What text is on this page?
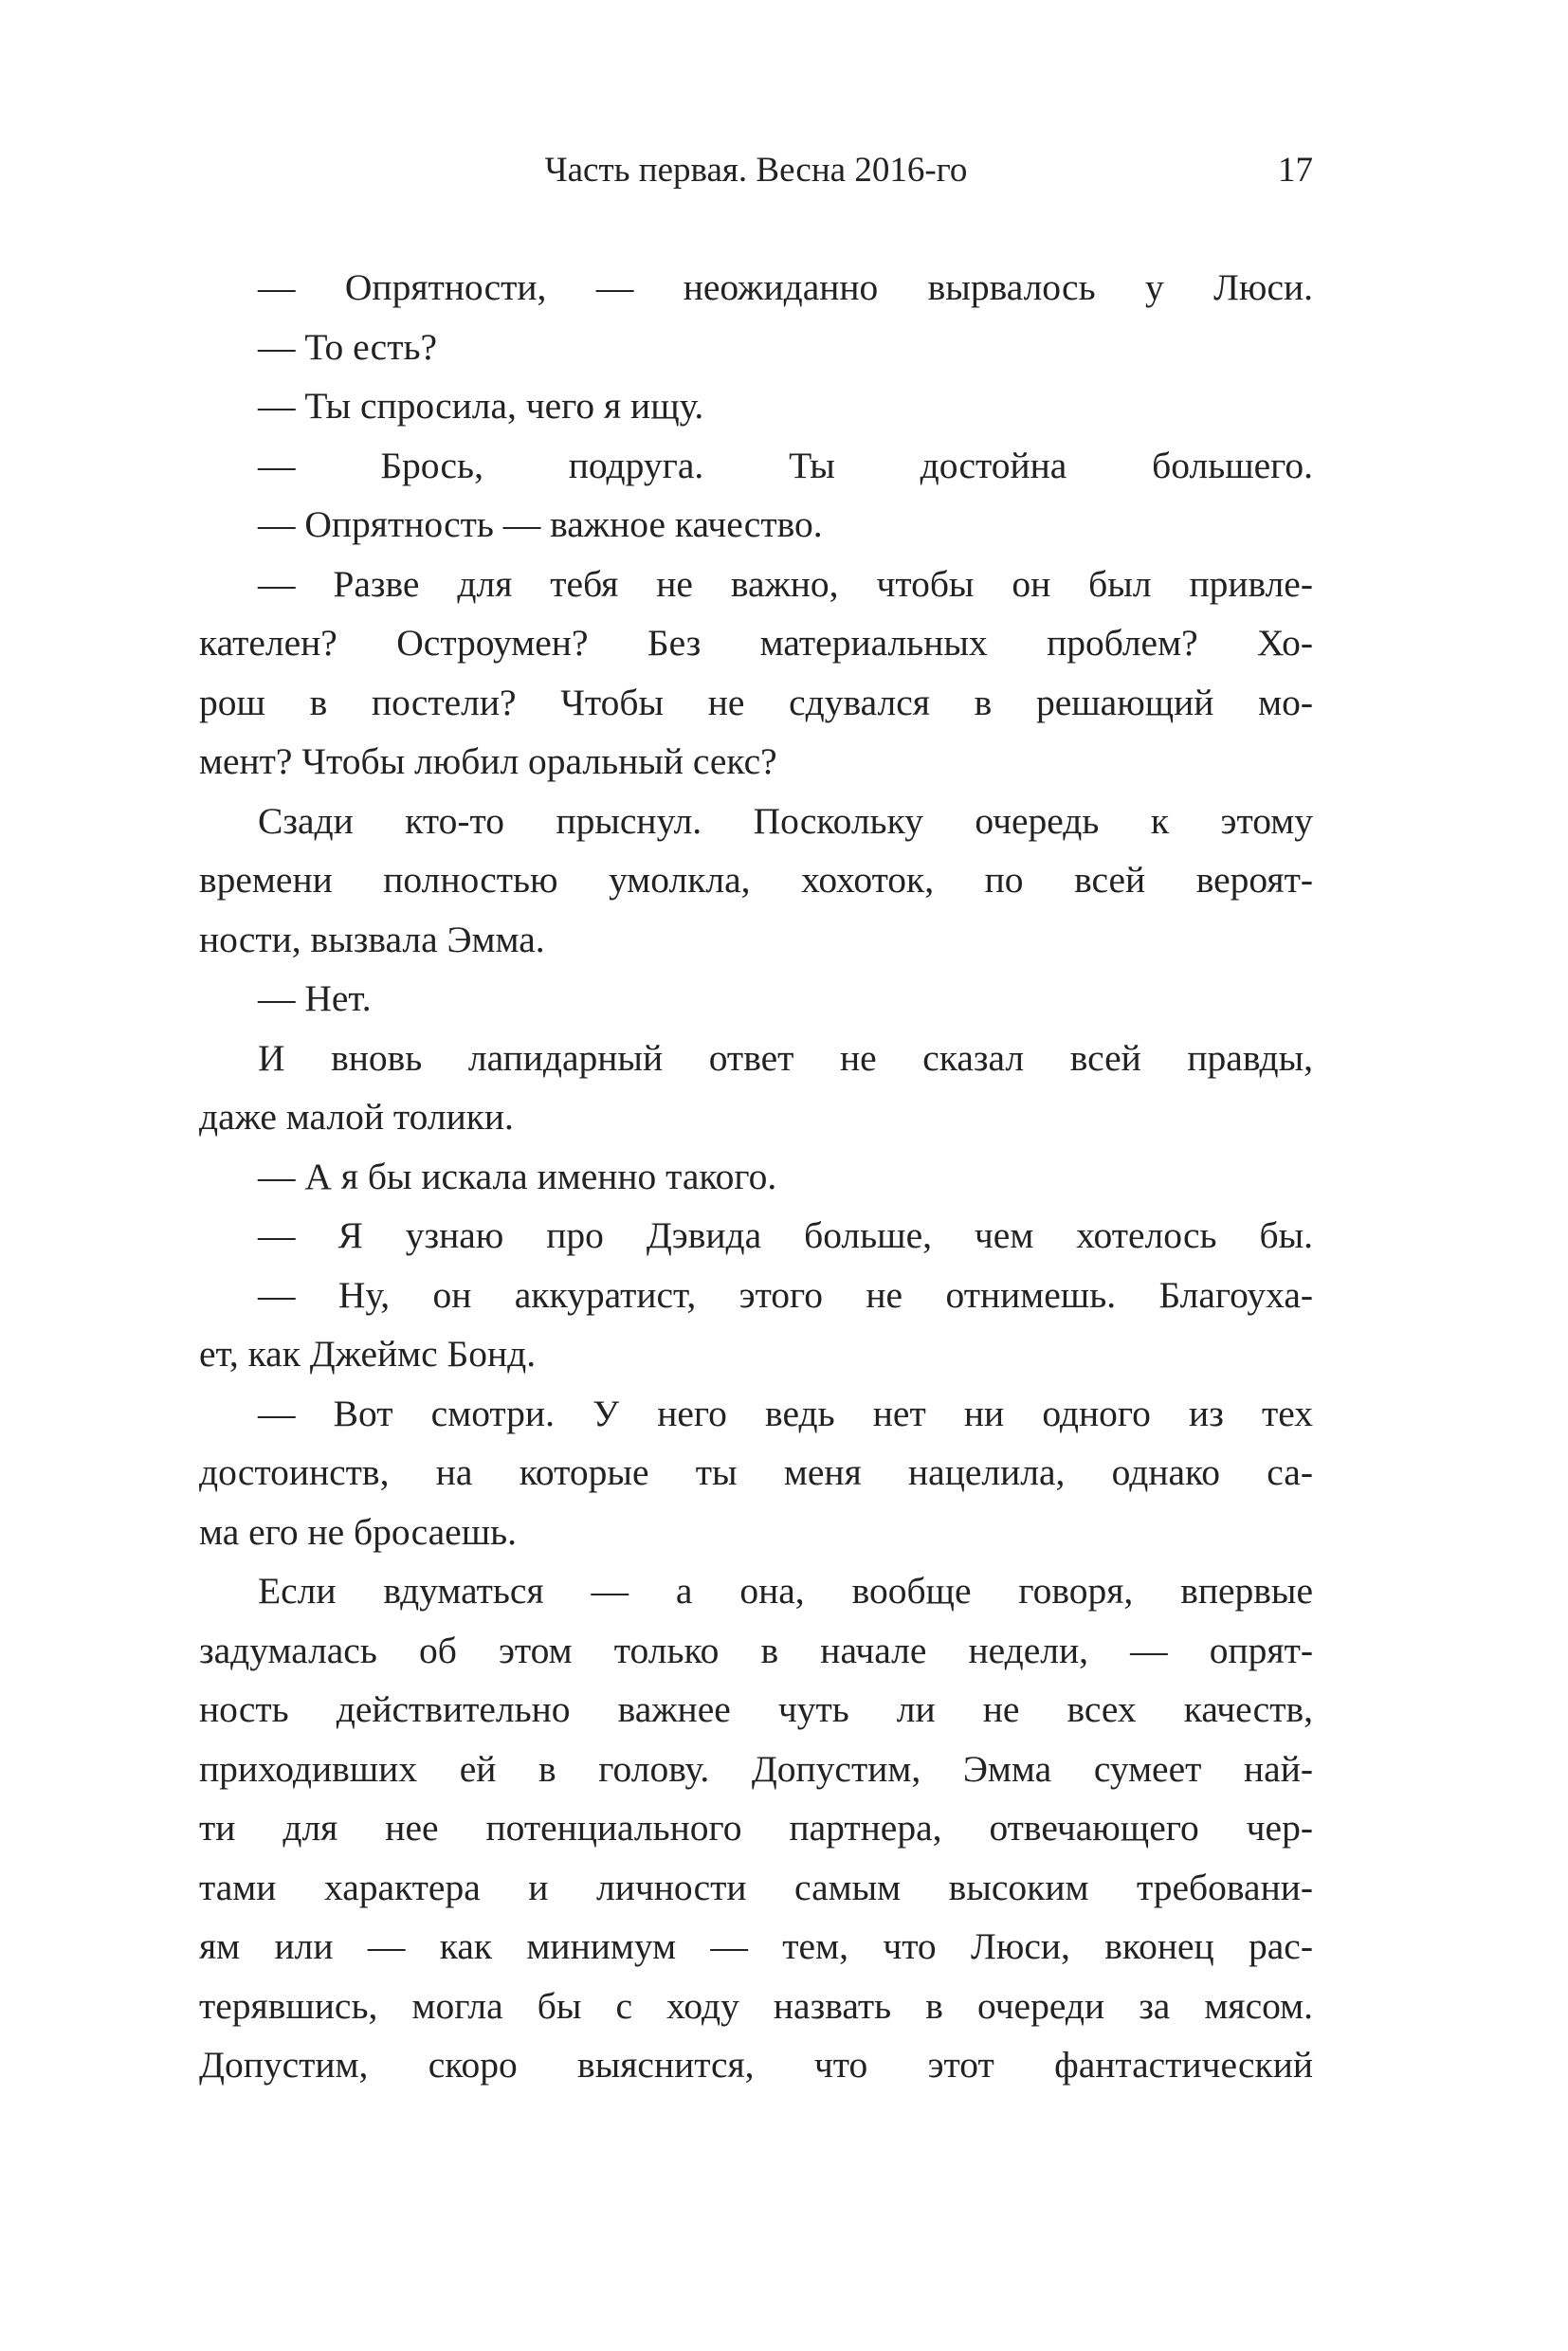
Часть первая. Весна 2016-го	17
— Опрятности, — неожиданно вырвалось у Люси.
— То есть?
— Ты спросила, чего я ищу.
— Брось, подруга. Ты достойна большего.
— Опрятность — важное качество.
— Разве для тебя не важно, чтобы он был привле-
кателен? Остроумен? Без материальных проблем? Хо-
рош в постели? Чтобы не сдувался в решающий мо-
мент? Чтобы любил оральный секс?
Сзади кто-то прыснул. Поскольку очередь к этому
времени полностью умолкла, хохоток, по всей вероят-
ности, вызвала Эмма.
— Нет.
И вновь лапидарный ответ не сказал всей правды,
даже малой толики.
— А я бы искала именно такого.
— Я узнаю про Дэвида больше, чем хотелось бы.
— Ну, он аккуратист, этого не отнимешь. Благоуха-
ет, как Джеймс Бонд.
— Вот смотри. У него ведь нет ни одного из тех
достоинств, на которые ты меня нацелила, однако са-
ма его не бросаешь.
Если вдуматься — а она, вообще говоря, впервые
задумалась об этом только в начале недели, — опрят-
ность действительно важнее чуть ли не всех качеств,
приходивших ей в голову. Допустим, Эмма сумеет най-
ти для нее потенциального партнера, отвечающего чер-
тами характера и личности самым высоким требовани-
ям или — как минимум — тем, что Люси, вконец рас-
терявшись, могла бы с ходу назвать в очереди за мясом.
Допустим, скоро выяснится, что этот фантастический
